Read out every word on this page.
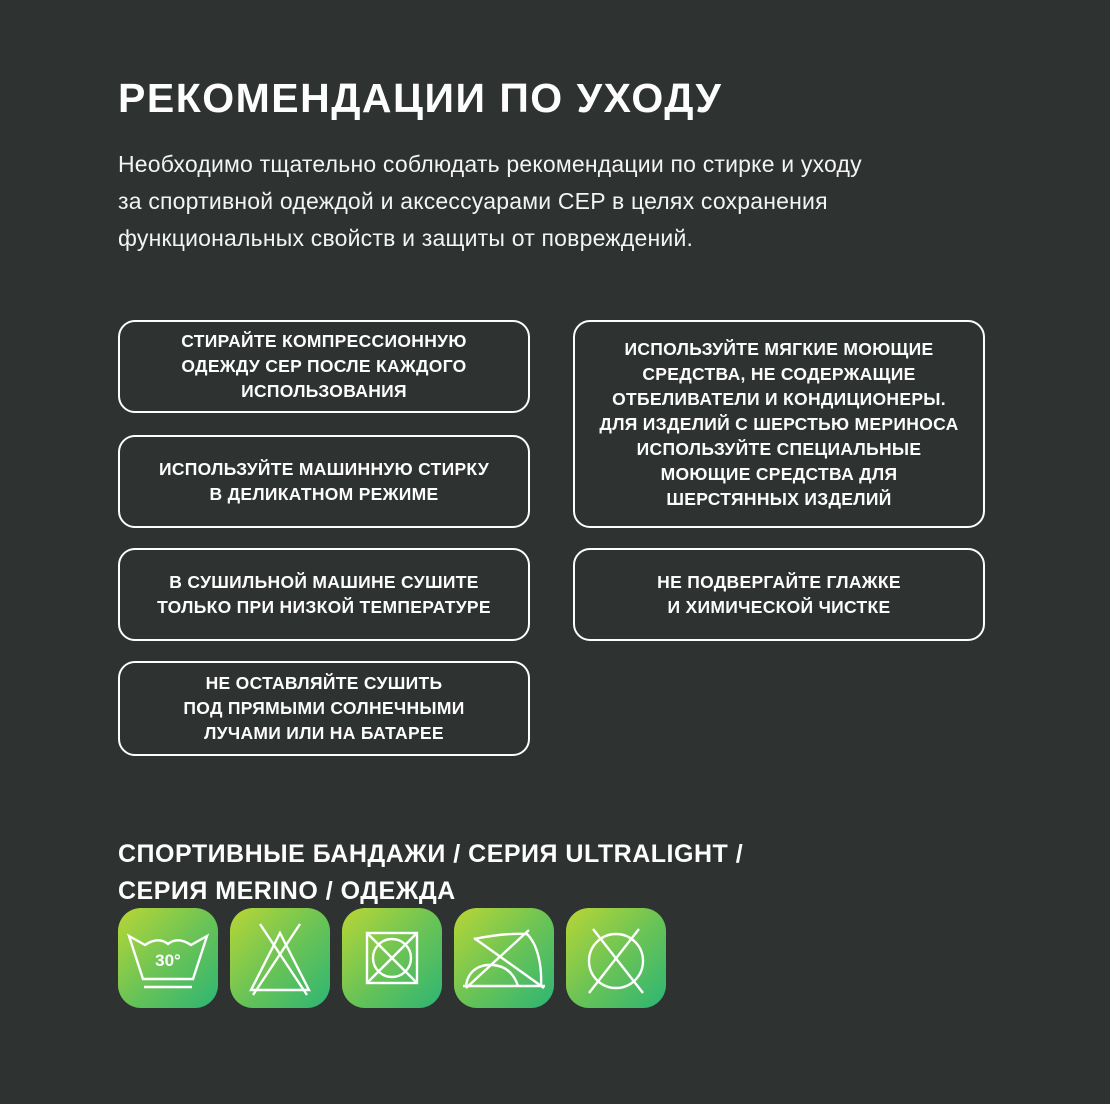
РЕКОМЕНДАЦИИ ПО УХОДУ

Необходимо тщательно соблюдать рекомендации по стирке и уходу
за спортивной одеждой и аксессуарами CEP в целях сохранения
функциональных свойств и защиты от повреждений.

СТИРАЙТЕ КОМПРЕССИОННУЮ
ОДЕЖДУ CEP ПОСЛЕ КАЖДОГО
ИСПОЛЬЗОВАНИЯ
ИСПОЛЬЗУЙТЕ МАШИННУЮ СТИРКУ
В ДЕЛИКАТНОМ РЕЖИМЕ
В СУШИЛЬНОЙ МАШИНЕ СУШИТЕ
ТОЛЬКО ПРИ НИЗКОЙ ТЕМПЕРАТУРЕ
НЕ ОСТАВЛЯЙТЕ СУШИТЬ
ПОД ПРЯМЫМИ СОЛНЕЧНЫМИ
ЛУЧАМИ ИЛИ НА БАТАРЕЕ
ИСПОЛЬЗУЙТЕ МЯГКИЕ МОЮЩИЕ
СРЕДСТВА, НЕ СОДЕРЖАЩИЕ
ОТБЕЛИВАТЕЛИ И КОНДИЦИОНЕРЫ.
ДЛЯ ИЗДЕЛИЙ С ШЕРСТЬЮ МЕРИНОСА
ИСПОЛЬЗУЙТЕ СПЕЦИАЛЬНЫЕ
МОЮЩИЕ СРЕДСТВА ДЛЯ
ШЕРСТЯННЫХ ИЗДЕЛИЙ
НЕ ПОДВЕРГАЙТЕ ГЛАЖКЕ
И ХИМИЧЕСКОЙ ЧИСТКЕ
СПОРТИВНЫЕ БАНДАЖИ / СЕРИЯ ULTRALIGHT /
СЕРИЯ MERINO / ОДЕЖДА
30°
